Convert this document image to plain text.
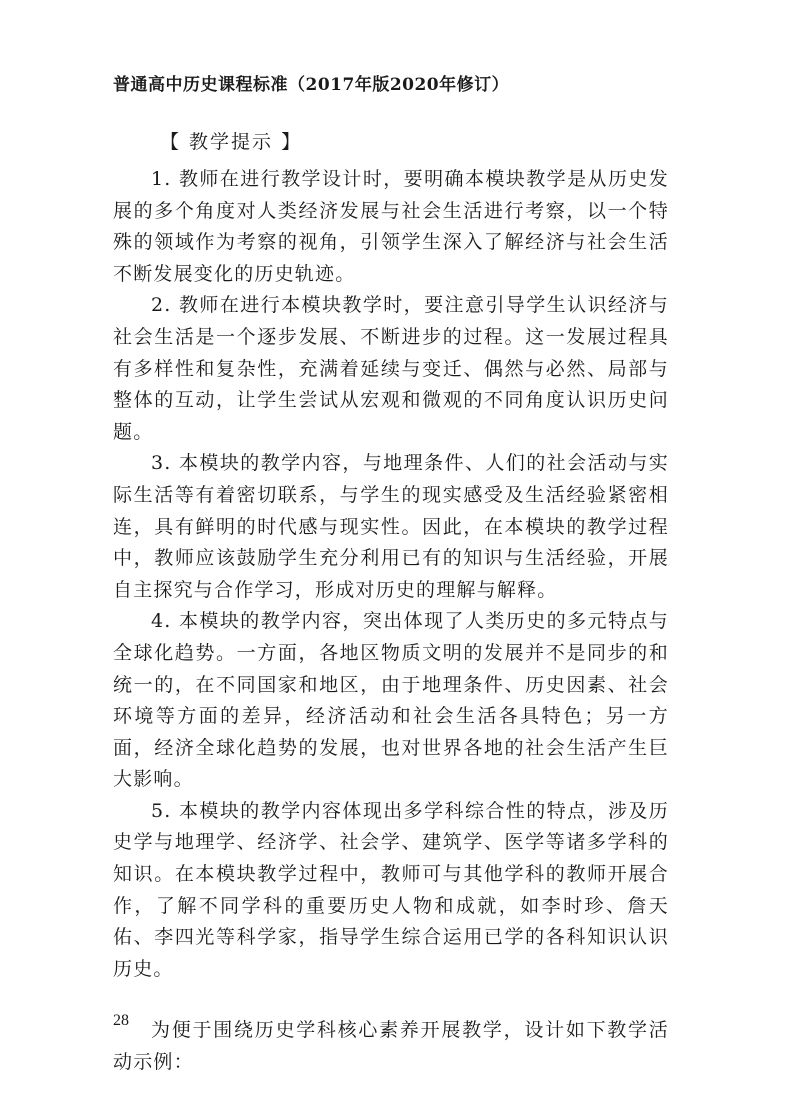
普通高中历史课程标准（2017年版2020年修订）
【 教学提示 】

1. 教师在进行教学设计时，要明确本模块教学是从历史发展的多个角度对人类经济发展与社会生活进行考察，以一个特殊的领域作为考察的视角，引领学生深入了解经济与社会生活不断发展变化的历史轨迹。

2. 教师在进行本模块教学时，要注意引导学生认识经济与社会生活是一个逐步发展、不断进步的过程。这一发展过程具有多样性和复杂性，充满着延续与变迁、偶然与必然、局部与整体的互动，让学生尝试从宏观和微观的不同角度认识历史问题。

3. 本模块的教学内容，与地理条件、人们的社会活动与实际生活等有着密切联系，与学生的现实感受及生活经验紧密相连，具有鲜明的时代感与现实性。因此，在本模块的教学过程中，教师应该鼓励学生充分利用已有的知识与生活经验，开展自主探究与合作学习，形成对历史的理解与解释。

4. 本模块的教学内容，突出体现了人类历史的多元特点与全球化趋势。一方面，各地区物质文明的发展并不是同步的和统一的，在不同国家和地区，由于地理条件、历史因素、社会环境等方面的差异，经济活动和社会生活各具特色；另一方面，经济全球化趋势的发展，也对世界各地的社会生活产生巨大影响。

5. 本模块的教学内容体现出多学科综合性的特点，涉及历史学与地理学、经济学、社会学、建筑学、医学等诸多学科的知识。在本模块教学过程中，教师可与其他学科的教师开展合作，了解不同学科的重要历史人物和成就，如李时珍、詹天佑、李四光等科学家，指导学生综合运用已学的各科知识认识历史。

为便于围绕历史学科核心素养开展教学，设计如下教学活动示例：

28
